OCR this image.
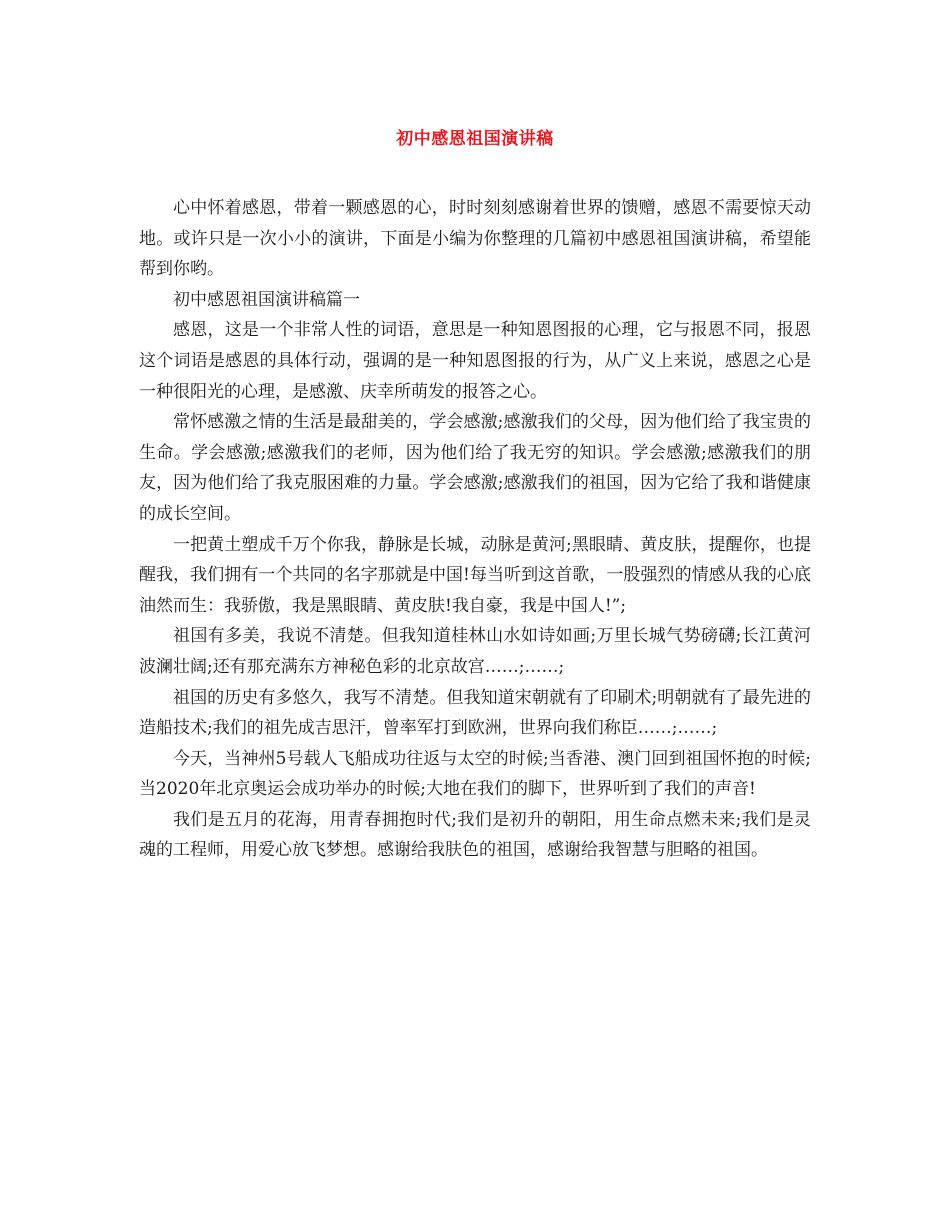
初中感恩祖国演讲稿

心中怀着感恩，带着一颗感恩的心，时时刻刻感谢着世界的馈赠，感恩不需要惊天动地。或许只是一次小小的演讲，下面是小编为你整理的几篇初中感恩祖国演讲稿，希望能帮到你哟。

初中感恩祖国演讲稿篇一

感恩，这是一个非常人性的词语，意思是一种知恩图报的心理，它与报恩不同，报恩这个词语是感恩的具体行动，强调的是一种知恩图报的行为，从广义上来说，感恩之心是一种很阳光的心理，是感激、庆幸所萌发的报答之心。

常怀感激之情的生活是最甜美的，学会感激;感激我们的父母，因为他们给了我宝贵的生命。学会感激;感激我们的老师，因为他们给了我无穷的知识。学会感激;感激我们的朋友，因为他们给了我克服困难的力量。学会感激;感激我们的祖国，因为它给了我和谐健康的成长空间。

一把黄土塑成千万个你我，静脉是长城，动脉是黄河;黑眼睛、黄皮肤，提醒你，也提醒我，我们拥有一个共同的名字那就是中国!每当听到这首歌，一股强烈的情感从我的心底油然而生：我骄傲，我是黑眼睛、黄皮肤!我自豪，我是中国人!”;

祖国有多美，我说不清楚。但我知道桂林山水如诗如画;万里长城气势磅礴;长江黄河波澜壮阔;还有那充满东方神秘色彩的北京故宫……;……;

祖国的历史有多悠久，我写不清楚。但我知道宋朝就有了印刷术;明朝就有了最先进的造船技术;我们的祖先成吉思汗，曾率军打到欧洲，世界向我们称臣……;……;

今天，当神州5号载人飞船成功往返与太空的时候;当香港、澳门回到祖国怀抱的时候;当2020年北京奥运会成功举办的时候;大地在我们的脚下，世界听到了我们的声音!

我们是五月的花海，用青春拥抱时代;我们是初升的朝阳，用生命点燃未来;我们是灵魂的工程师，用爱心放飞梦想。感谢给我肤色的祖国，感谢给我智慧与胆略的祖国。
